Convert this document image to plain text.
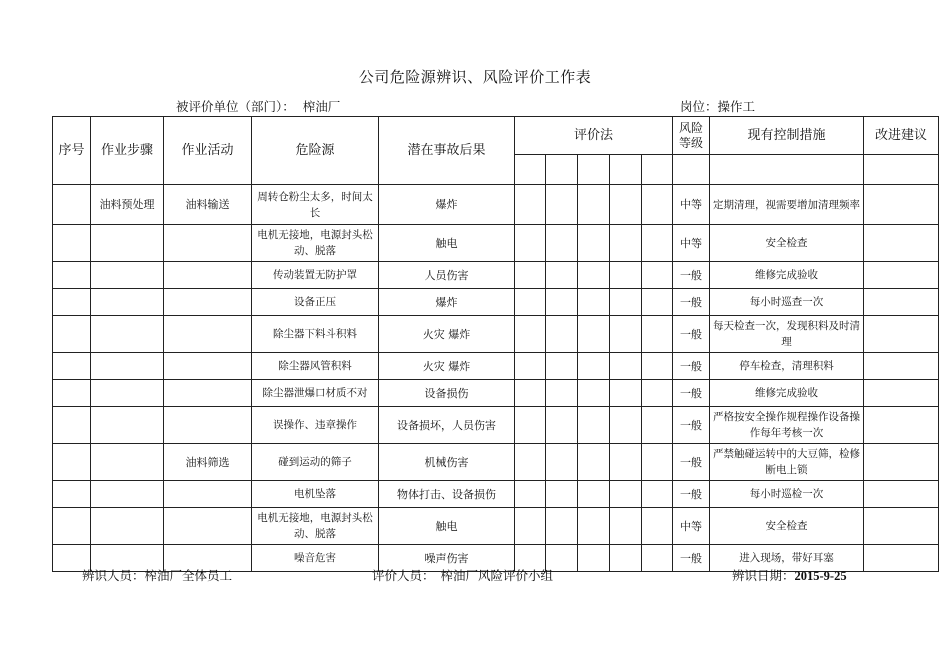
公司危险源辨识、风险评价工作表
被评价单位（部门）： 榨油厂	岗位：操作工
序号	作业步骤	作业活动	危险源	潜在事故后果	评价法					风险等级	现有控制措施	改进建议

	油料预处理	油料输送	周转仓粉尘太多，时间太长	爆炸						中等	定期清理，视需要增加清理频率	
			电机无接地，电源封头松动、脱落	触电						中等	安全检查	
			传动装置无防护罩	人员伤害						一般	维修完成验收	
			设备正压	爆炸						一般	每小时巡查一次	
			除尘器下料斗积料	火灾 爆炸						一般	每天检查一次，发现积料及时清理	
			除尘器风管积料	火灾 爆炸						一般	停车检查，清理积料	
			除尘器泄爆口材质不对	设备损伤						一般	维修完成验收	
			误操作、违章操作	设备损坏，人员伤害						一般	严格按安全操作规程操作设备操作每年考核一次	
		油料筛选	碰到运动的筛子	机械伤害						一般	严禁触碰运转中的大豆筛，检修断电上锁	
			电机坠落	物体打击、设备损伤						一般	每小时巡检一次	
			电机无接地，电源封头松动、脱落	触电						中等	安全检查	
			噪音危害	噪声伤害						一般	进入现场，带好耳塞	
辨识人员：榨油厂全体员工	评价人员： 榨油厂风险评价小组	辨识日期：2015-9-25
